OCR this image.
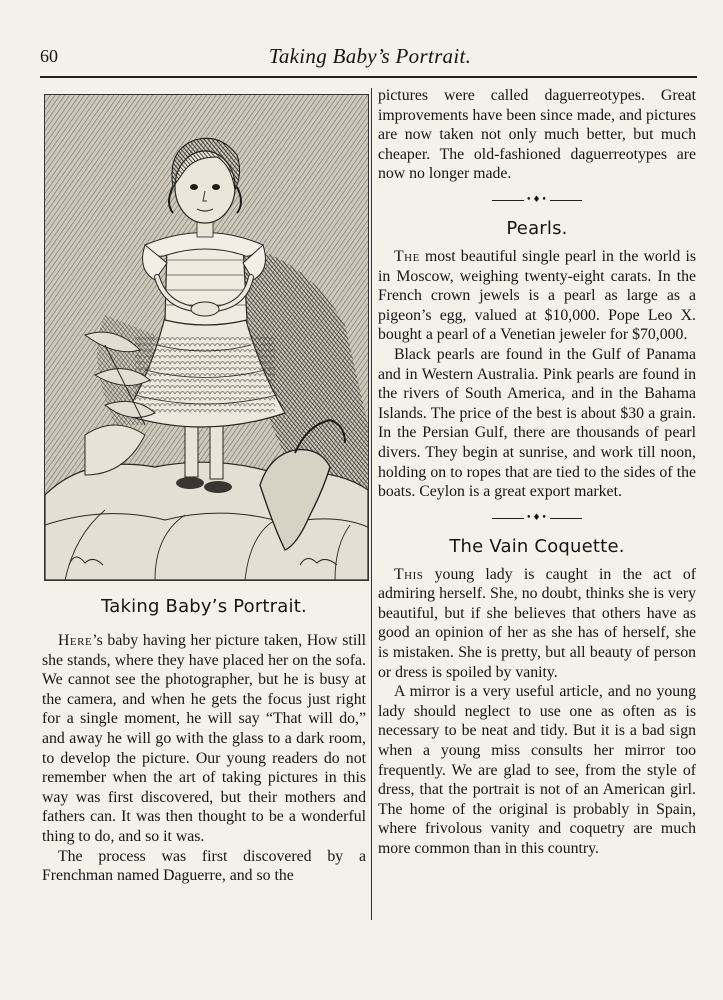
60	Taking Baby’s Portrait.
Taking Baby’s Portrait.

Here’s baby having her picture taken, How still she stands, where they have placed her on the sofa. We cannot see the photographer, but he is busy at the camera, and when he gets the focus just right for a single moment, he will say “That will do,” and away he will go with the glass to a dark room, to develop the picture. Our young readers do not remember when the art of taking pictures in this way was first discovered, but their mothers and fathers can. It was then thought to be a wonderful thing to do, and so it was.

The process was first discovered by a Frenchman named Daguerre, and so the

pictures were called daguerreotypes. Great improvements have been since made, and pictures are now taken not only much better, but much cheaper. The old-fashioned daguerreotypes are now no longer made.

•♦•
Pearls.

The most beautiful single pearl in the world is in Moscow, weighing twenty-eight carats. In the French crown jewels is a pearl as large as a pigeon’s egg, valued at $10,000. Pope Leo X. bought a pearl of a Venetian jeweler for $70,000.

Black pearls are found in the Gulf of Panama and in Western Australia. Pink pearls are found in the rivers of South America, and in the Bahama Islands. The price of the best is about $30 a grain. In the Persian Gulf, there are thousands of pearl divers. They begin at sunrise, and work till noon, holding on to ropes that are tied to the sides of the boats. Ceylon is a great export market.

•♦•
The Vain Coquette.

This young lady is caught in the act of admiring herself. She, no doubt, thinks she is very beautiful, but if she believes that others have as good an opinion of her as she has of herself, she is mistaken. She is pretty, but all beauty of person or dress is spoiled by vanity.

A mirror is a very useful article, and no young lady should neglect to use one as often as is necessary to be neat and tidy. But it is a bad sign when a young miss consults her mirror too frequently. We are glad to see, from the style of dress, that the portrait is not of an American girl. The home of the original is probably in Spain, where frivolous vanity and coquetry are much more common than in this country.
